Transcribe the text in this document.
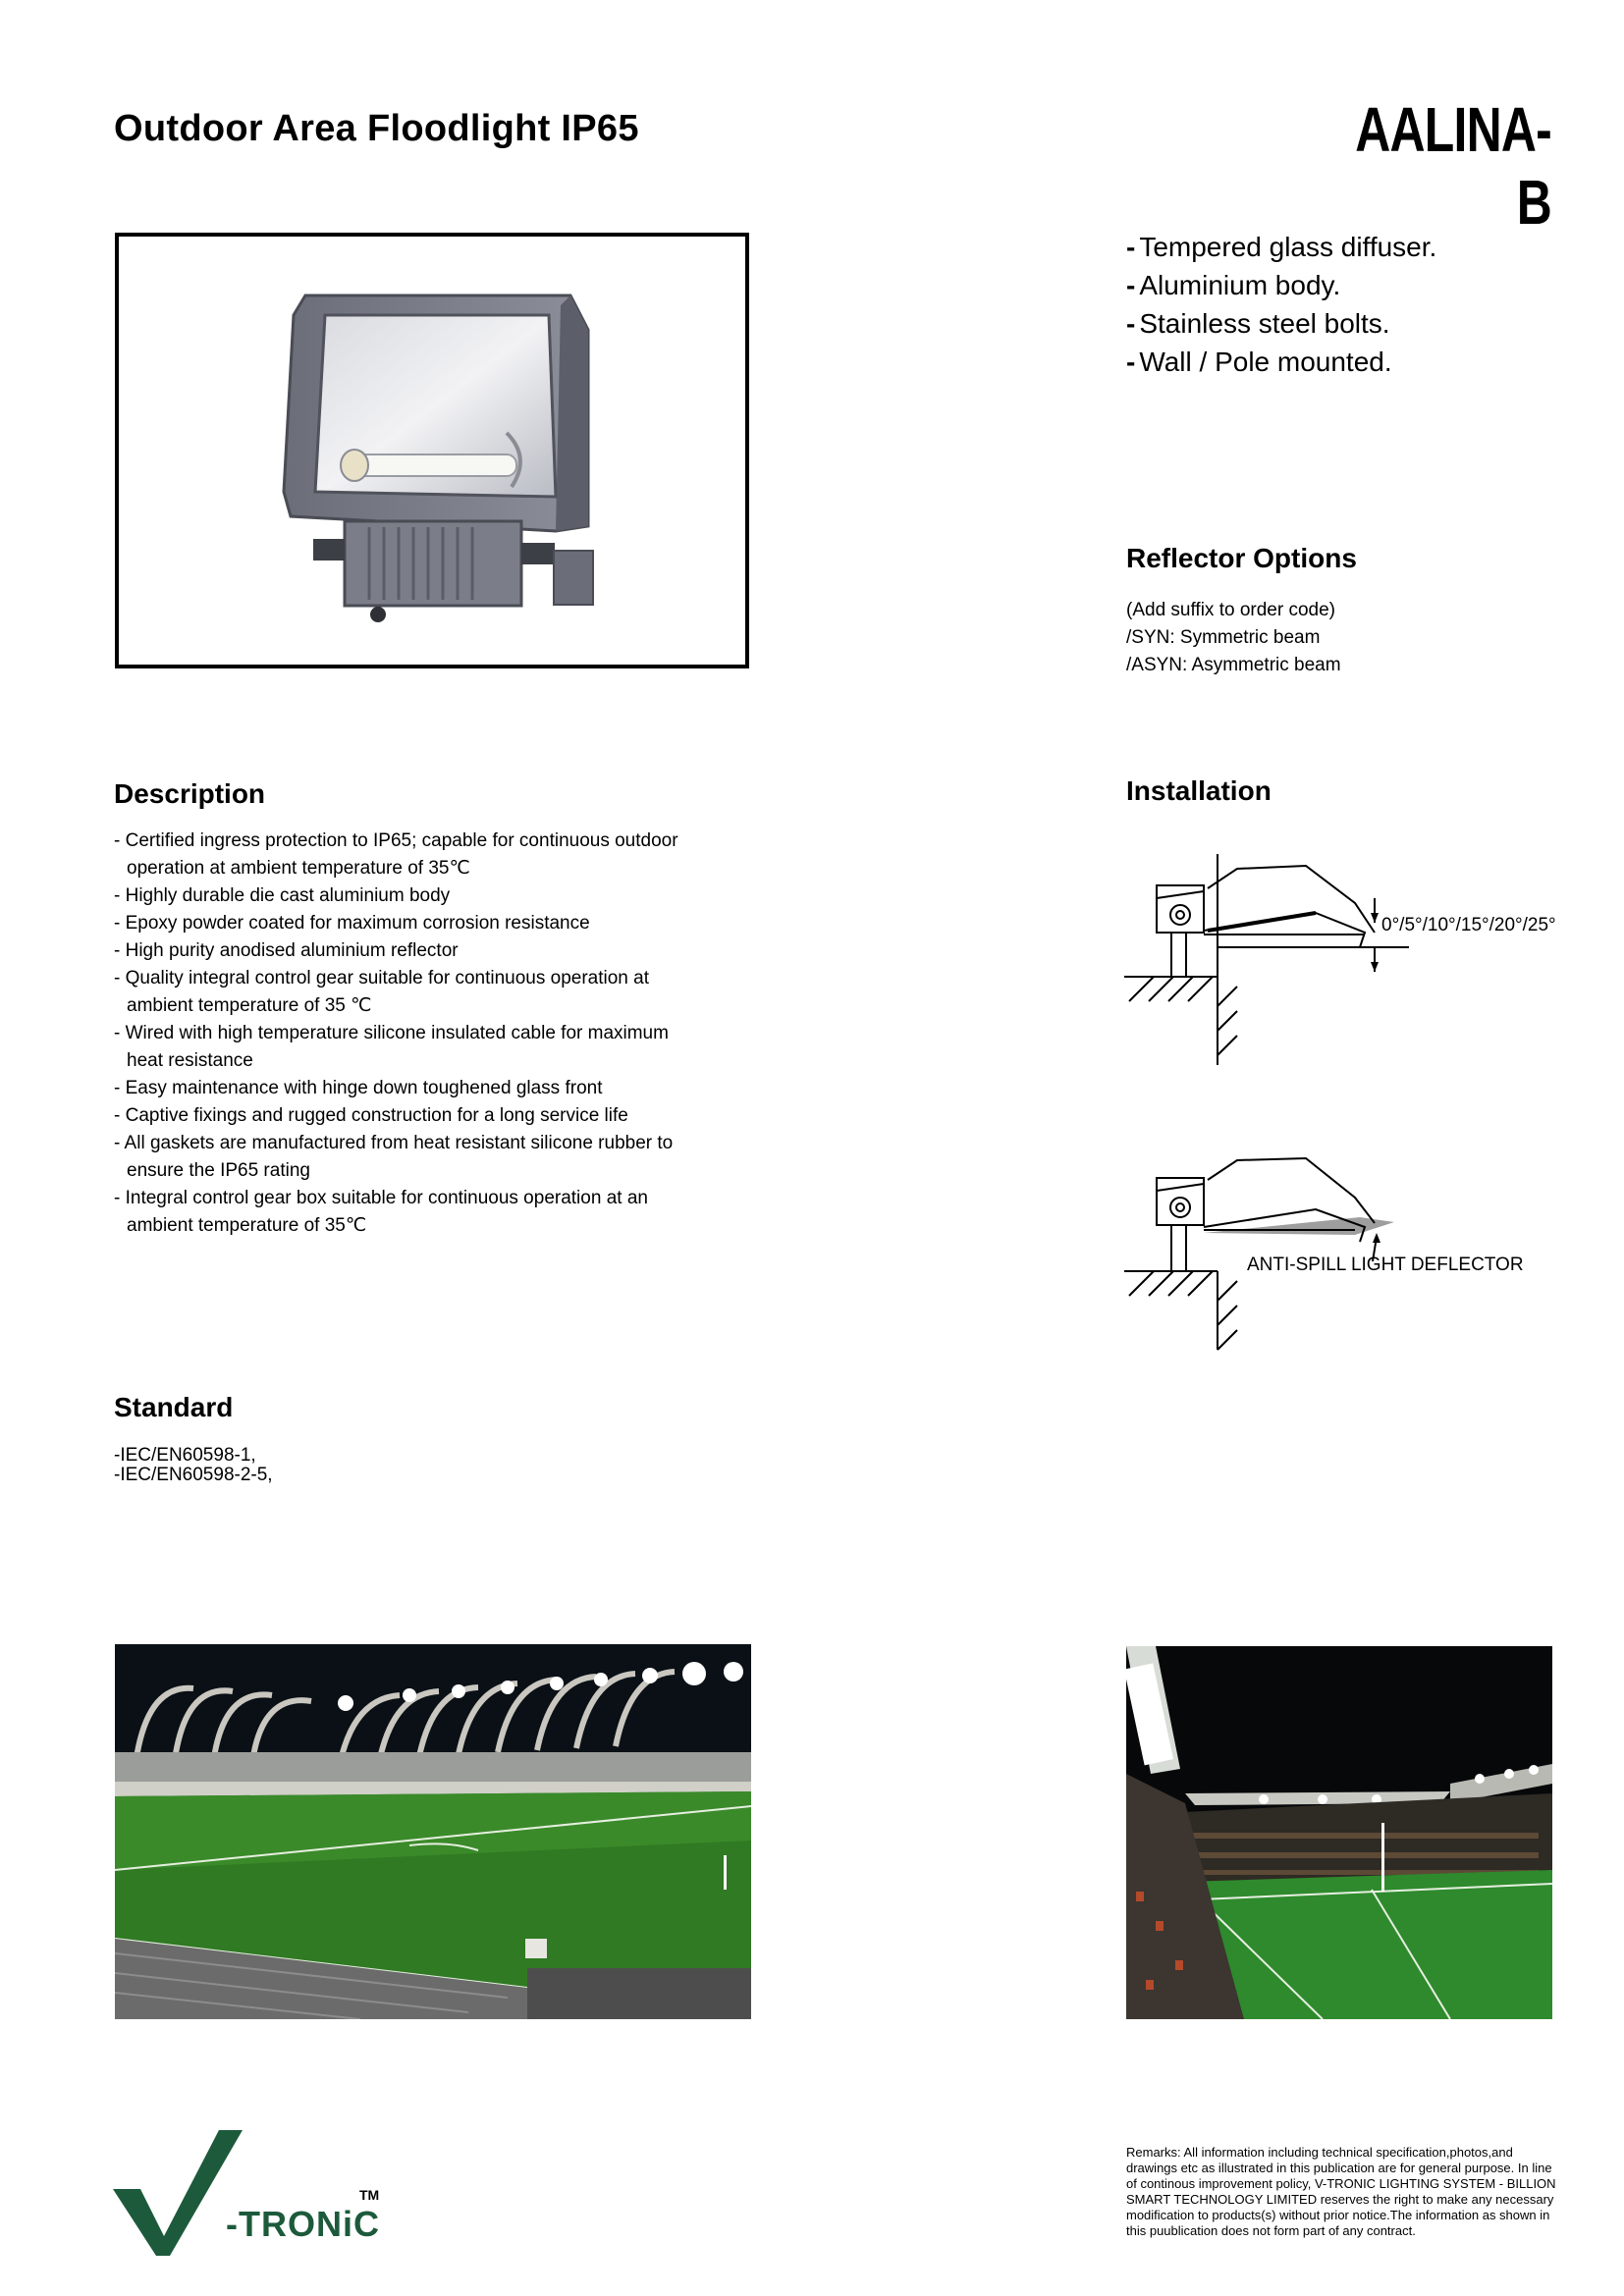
Outdoor Area Floodlight IP65	AALINA-B
- Tempered glass diffuser.
- Aluminium body.
- Stainless steel bolts.
- Wall / Pole mounted.
Reflector Options
(Add suffix to order code)
/SYN: Symmetric beam
/ASYN: Asymmetric beam
Description
- Certified ingress protection to IP65; capable for continuous outdoor operation at ambient temperature of 35℃
- Highly durable die cast aluminium body
- Epoxy powder coated for maximum corrosion resistance
- High purity anodised aluminium reflector
- Quality integral control gear suitable for continuous operation at ambient temperature of 35 ℃
- Wired with high temperature silicone insulated cable for maximum heat resistance
- Easy maintenance with hinge down toughened glass front
- Captive fixings and rugged construction for a long service life
- All gaskets are manufactured from heat resistant silicone rubber to ensure the IP65 rating
- Integral control gear box suitable for continuous operation at an ambient temperature of 35℃
Installation
0°/5°/10°/15°/20°/25°
ANTI-SPILL LIGHT DEFLECTOR
Standard
-IEC/EN60598-1,
-IEC/EN60598-2-5,
TM
-TRONiC
Remarks: All information including technical specification,photos,and drawings etc as illustrated in this publication are for general purpose. In line of continous improvement policy, V-TRONIC LIGHTING SYSTEM - BILLION SMART TECHNOLOGY LIMITED reserves the right to make any necessary modification to products(s) without prior notice.The information as shown in this puublication does not form part of any contract.
